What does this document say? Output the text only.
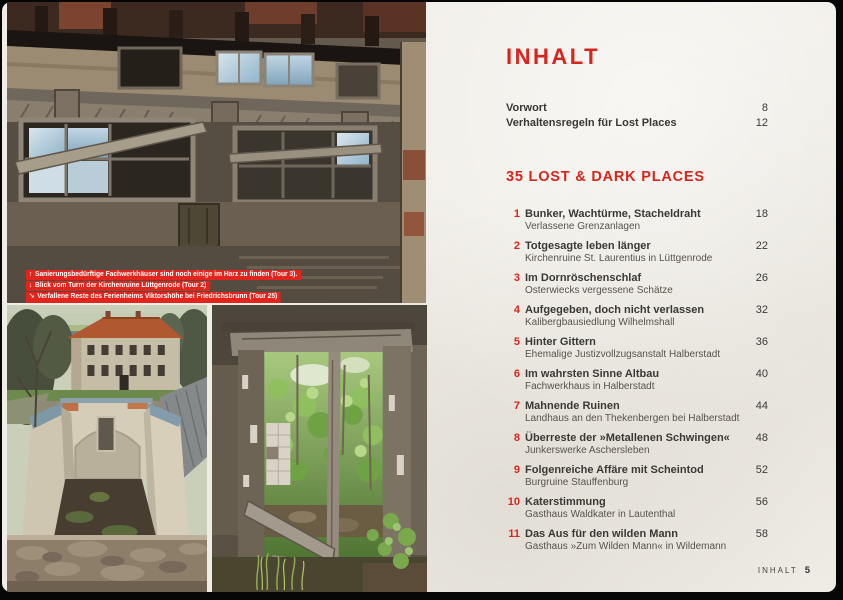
↑ Sanierungsbedürftige Fachwerkhäuser sind noch einige im Harz zu finden (Tour 3).
↓ Blick vom Turm der Kirchenruine Lüttgenrode (Tour 2)
↘ Verfallene Reste des Ferienheims Viktorshöhe bei Friedrichsbrunn (Tour 25)
INHALT
Vorwort	8
Verhaltensregeln für Lost Places	12
35 LOST & DARK PLACES
1 Bunker, Wachtürme, Stacheldraht	18
Verlassene Grenzanlagen
2 Totgesagte leben länger	22
Kirchenruine St. Laurentius in Lüttgenrode
3 Im Dornröschenschlaf	26
Osterwiecks vergessene Schätze
4 Aufgegeben, doch nicht verlassen	32
Kalibergbausiedlung Wilhelmshall
5 Hinter Gittern	36
Ehemalige Justizvollzugsanstalt Halberstadt
6 Im wahrsten Sinne Altbau	40
Fachwerkhaus in Halberstadt
7 Mahnende Ruinen	44
Landhaus an den Thekenbergen bei Halberstadt
8 Überreste der »Metallenen Schwingen«	48
Junkerswerke Aschersleben
9 Folgenreiche Affäre mit Scheintod	52
Burgruine Stauffenburg
10 Katerstimmung	56
Gasthaus Waldkater in Lautenthal
11 Das Aus für den wilden Mann	58
Gasthaus »Zum Wilden Mann« in Wildemann
INHALT 5
